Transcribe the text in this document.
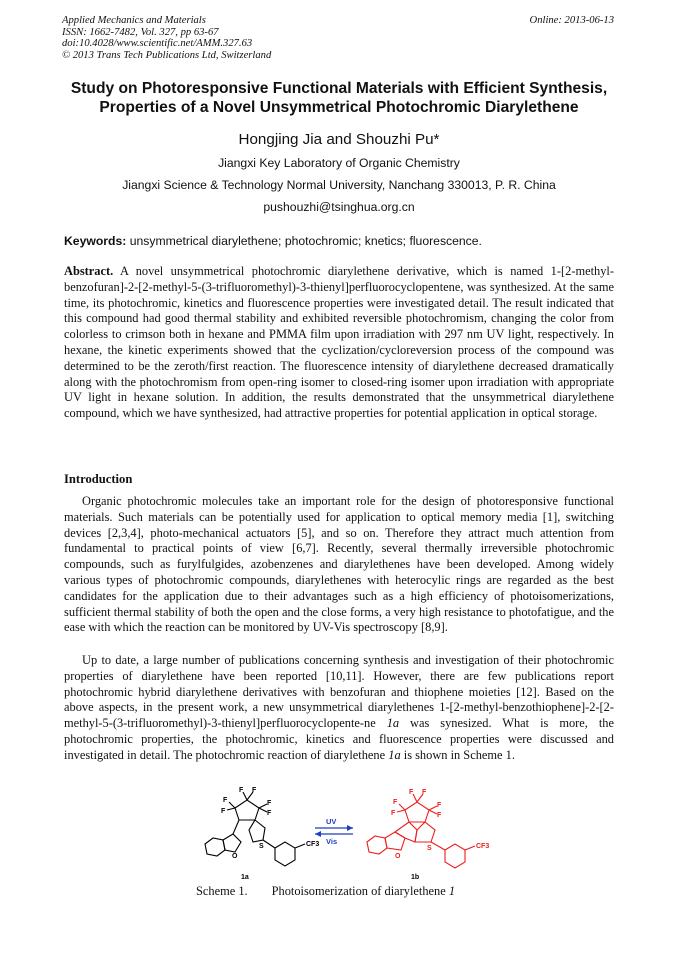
Applied Mechanics and Materials
ISSN: 1662-7482, Vol. 327, pp 63-67
doi:10.4028/www.scientific.net/AMM.327.63
© 2013 Trans Tech Publications Ltd, Switzerland
Online: 2013-06-13
Study on Photoresponsive Functional Materials with Efficient Synthesis,
Properties of a Novel Unsymmetrical Photochromic Diarylethene
Hongjing Jia and Shouzhi Pu*
Jiangxi Key Laboratory of Organic Chemistry
Jiangxi Science & Technology Normal University, Nanchang 330013, P. R. China
pushouzhi@tsinghua.org.cn
Keywords: unsymmetrical diarylethene; photochromic; knetics; fluorescence.

Abstract. A novel unsymmetrical photochromic diarylethene derivative, which is named 1-[2-methyl-benzofuran]-2-[2-methyl-5-(3-trifluoromethyl)-3-thienyl]perfluorocyclopentene, was synthesized. At the same time, its photochromic, kinetics and fluorescence properties were investigated detail. The result indicated that this compound had good thermal stability and exhibited reversible photochromism, changing the color from colorless to crimson both in hexane and PMMA film upon irradiation with 297 nm UV light, respectively. In hexane, the kinetic experiments showed that the cyclization/cycloreversion process of the compound was determined to be the zeroth/first reaction. The fluorescence intensity of diarylethene decreased dramatically along with the photochromism from open-ring isomer to closed-ring isomer upon irradiation with appropriate UV light in hexane solution. In addition, the results demonstrated that the unsymmetrical diarylethene compound, which we have synthesized, had attractive properties for potential application in optical storage.

Introduction

Organic photochromic molecules take an important role for the design of photoresponsive functional materials. Such materials can be potentially used for application to optical memory media [1], switching devices [2,3,4], photo-mechanical actuators [5], and so on. Therefore they attract much attention from fundamental to practical points of view [6,7]. Recently, several thermally irreversible photochromic compounds, such as furylfulgides, azobenzenes and diarylethenes have been developed. Among widely various types of photochromic compounds, diarylethenes with heterocylic rings are regarded as the best candidates for the application due to their advantages such as a high efficiency of photoisomerizations, sufficient thermal stability of both the open and the close forms, a very high resistance to photofatigue, and the ease with which the reaction can be monitored by UV-Vis spectroscopy [8,9].

Up to date, a large number of publications concerning synthesis and investigation of their photochromic properties of diarylethene have been reported [10,11]. However, there are few publications report photochromic hybrid diarylethene derivatives with benzofuran and thiophene moieties [12]. Based on the above aspects, in the present work, a new unsymmetrical diarylethenes 1-[2-methyl-benzothiophene]-2-[2-methyl-5-(3-trifluoromethyl)-3-thienyl]perfluorocyclopente-ne 1a was synesized. What is more, the photochromic properties, the photochromic, kinetics and fluorescence properties were discussed and investigated in detail. The photochromic reaction of diarylethene 1a is shown in Scheme 1.

F
F
F F
F
F
O
S	CF3
1a
UV
Vis
F
F
F F
F
F
O
S	CF3
1b
Scheme 1. Photoisomerization of diarylethene 1
